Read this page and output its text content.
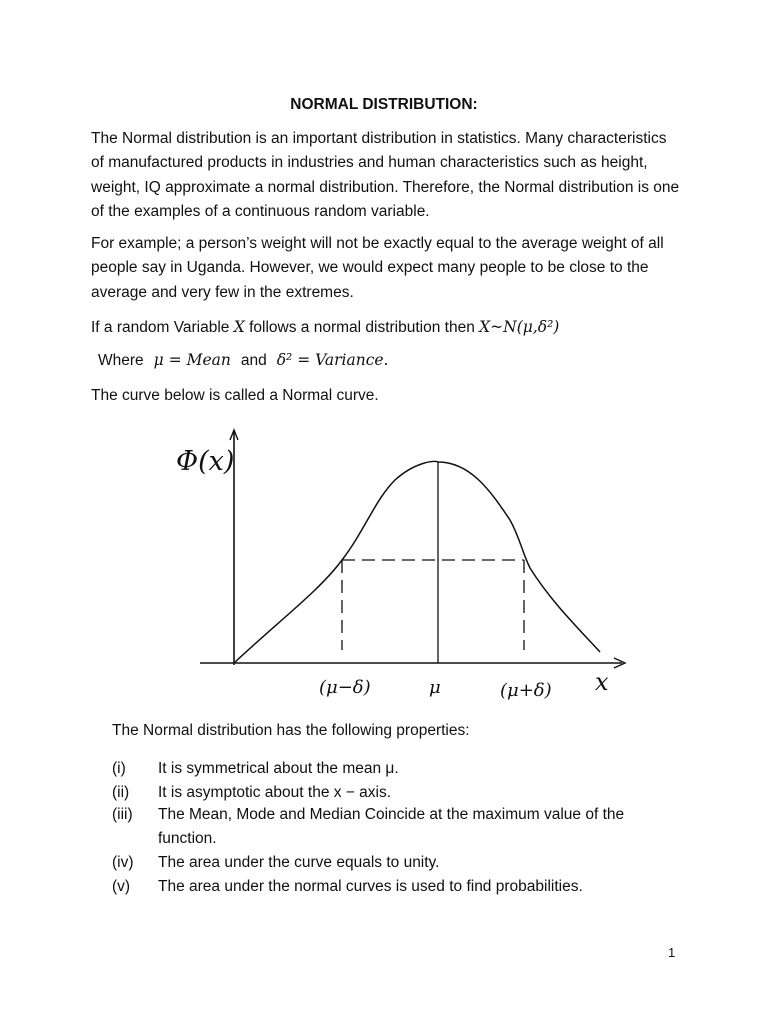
NORMAL DISTRIBUTION:
The Normal distribution is an important distribution in statistics. Many characteristics of manufactured products in industries and human characteristics such as height, weight, IQ approximate a normal distribution. Therefore, the Normal distribution is one of the examples of a continuous random variable.
For example; a person’s weight will not be exactly equal to the average weight of all people say in Uganda. However, we would expect many people to be close to the average and very few in the extremes.
If a random Variable X follows a normal distribution then X~N(μ,δ²)
Where μ = Mean and δ² = Variance.
The curve below is called a Normal curve.
Φ(x)
(μ−δ)	μ	(μ+δ) x
The Normal distribution has the following properties:
(i) It is symmetrical about the mean μ.
(ii) It is asymptotic about the x − axis.
(iii) The Mean, Mode and Median Coincide at the maximum value of the function.
(iv) The area under the curve equals to unity.
(v) The area under the normal curves is used to find probabilities.
1
